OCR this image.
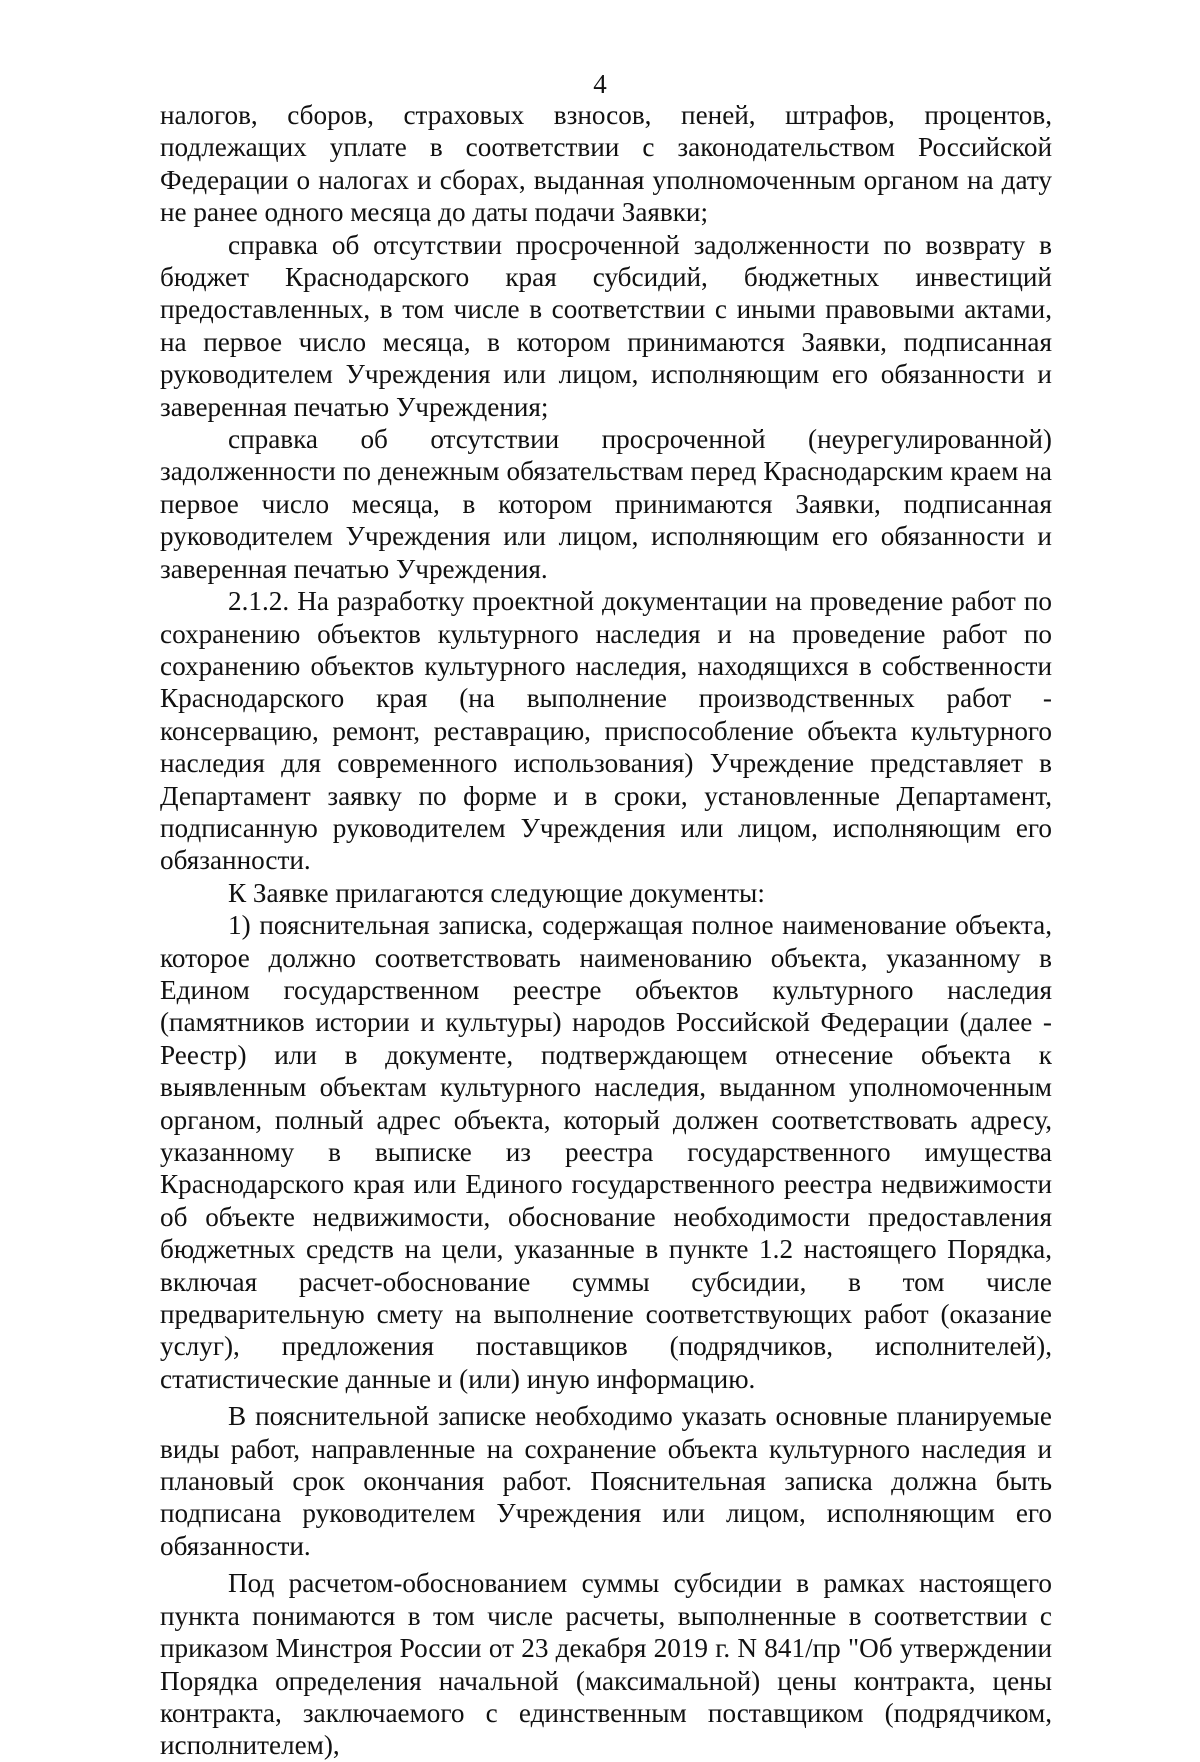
4

налогов, сборов, страховых взносов, пеней, штрафов, процентов, подлежащих уплате в соответствии с законодательством Российской Федерации о налогах и сборах, выданная уполномоченным органом на дату не ранее одного месяца до даты подачи Заявки;

справка об отсутствии просроченной задолженности по возврату в бюджет Краснодарского края субсидий, бюджетных инвестиций предоставленных, в том числе в соответствии с иными правовыми актами, на первое число месяца, в котором принимаются Заявки, подписанная руководителем Учреждения или лицом, исполняющим его обязанности и заверенная печатью Учреждения;

справка об отсутствии просроченной (неурегулированной) задолженности по денежным обязательствам перед Краснодарским краем на первое число месяца, в котором принимаются Заявки, подписанная руководителем Учреждения или лицом, исполняющим его обязанности и заверенная печатью Учреждения.

2.1.2. На разработку проектной документации на проведение работ по сохранению объектов культурного наследия и на проведение работ по сохранению объектов культурного наследия, находящихся в собственности Краснодарского края (на выполнение производственных работ - консервацию, ремонт, реставрацию, приспособление объекта культурного наследия для современного использования) Учреждение представляет в Департамент заявку по форме и в сроки, установленные Департамент, подписанную руководителем Учреждения или лицом, исполняющим его обязанности.

К Заявке прилагаются следующие документы:

1) пояснительная записка, содержащая полное наименование объекта, которое должно соответствовать наименованию объекта, указанному в Едином государственном реестре объектов культурного наследия (памятников истории и культуры) народов Российской Федерации (далее - Реестр) или в документе, подтверждающем отнесение объекта к выявленным объектам культурного наследия, выданном уполномоченным органом, полный адрес объекта, который должен соответствовать адресу, указанному в выписке из реестра государственного имущества Краснодарского края или Единого государственного реестра недвижимости об объекте недвижимости, обоснование необходимости предоставления бюджетных средств на цели, указанные в пункте 1.2 настоящего Порядка, включая расчет-обоснование суммы субсидии, в том числе предварительную смету на выполнение соответствующих работ (оказание услуг), предложения поставщиков (подрядчиков, исполнителей), статистические данные и (или) иную информацию.

В пояснительной записке необходимо указать основные планируемые виды работ, направленные на сохранение объекта культурного наследия и плановый срок окончания работ. Пояснительная записка должна быть подписана руководителем Учреждения или лицом, исполняющим его обязанности.

Под расчетом-обоснованием суммы субсидии в рамках настоящего пункта понимаются в том числе расчеты, выполненные в соответствии с приказом Минстроя России от 23 декабря 2019 г. N 841/пр "Об утверждении Порядка определения начальной (максимальной) цены контракта, цены контракта, заключаемого с единственным поставщиком (подрядчиком, исполнителем),
